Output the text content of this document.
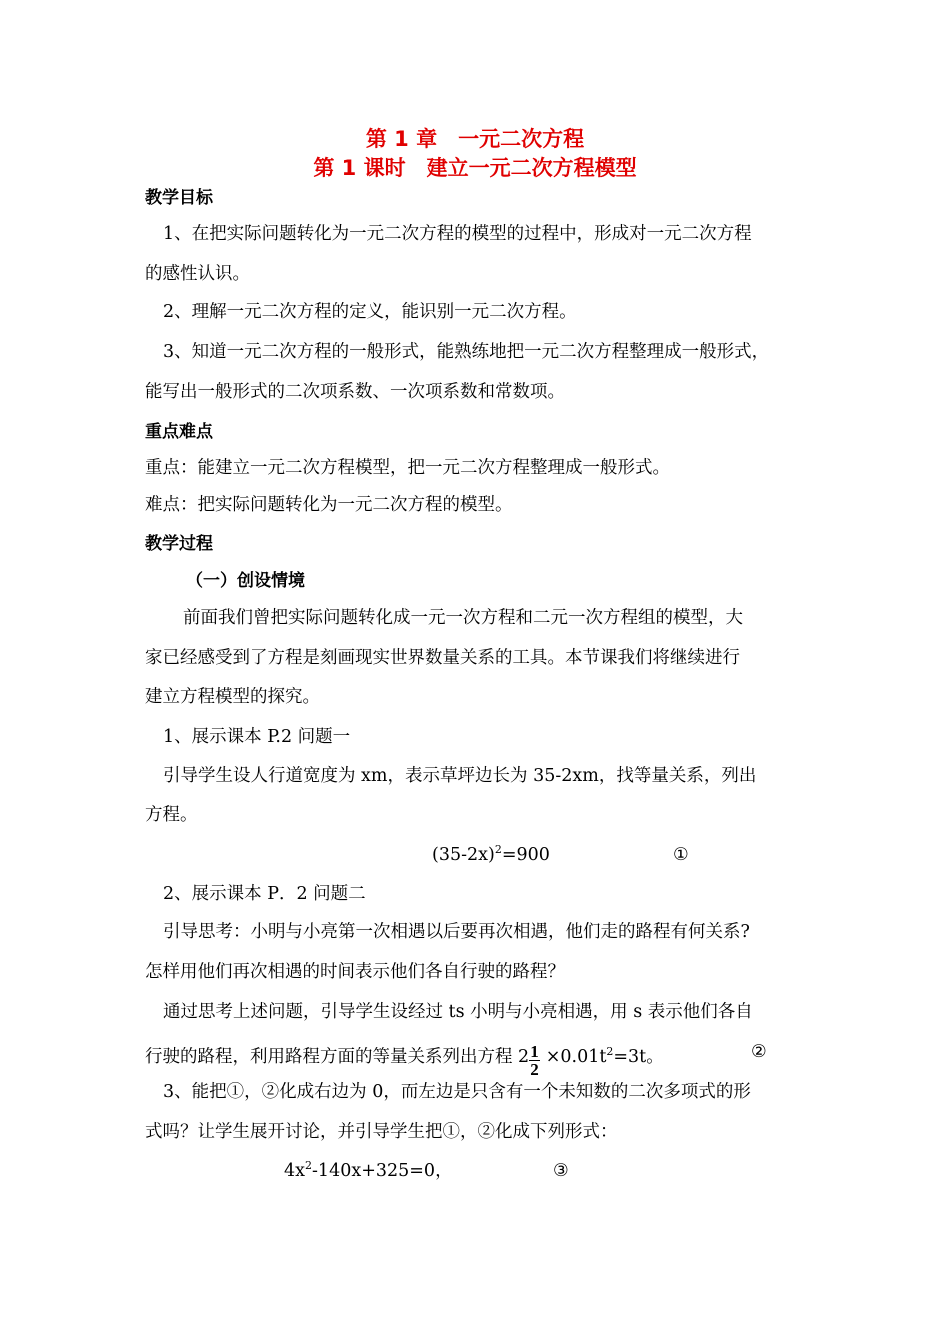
第 1 章　一元二次方程
第 1 课时　建立一元二次方程模型
教学目标
1、在把实际问题转化为一元二次方程的模型的过程中，形成对一元二次方程
的感性认识。
2、理解一元二次方程的定义，能识别一元二次方程。
3、知道一元二次方程的一般形式，能熟练地把一元二次方程整理成一般形式，
能写出一般形式的二次项系数、一次项系数和常数项。
重点难点
重点：能建立一元二次方程模型，把一元二次方程整理成一般形式。
难点：把实际问题转化为一元二次方程的模型。
教学过程
（一）创设情境
前面我们曾把实际问题转化成一元一次方程和二元一次方程组的模型，大
家已经感受到了方程是刻画现实世界数量关系的工具。本节课我们将继续进行
建立方程模型的探究。
1、展示课本 P.2 问题一
引导学生设人行道宽度为 xm，表示草坪边长为 35-2xm，找等量关系，列出
方程。
$(35-2x)^2=900$	①
2、展示课本 P．2 问题二
引导思考：小明与小亮第一次相遇以后要再次相遇，他们走的路程有何关系?
怎样用他们再次相遇的时间表示他们各自行驶的路程？
通过思考上述问题，引导学生设经过 ts 小明与小亮相遇，用 s 表示他们各自
行驶的路程，利用路程方面的等量关系列出方程 $2 \frac{1}{2} \times 0.01t^2=3t$。	②
3、能把①，②化成右边为 0，而左边是只含有一个未知数的二次多项式的形
式吗？让学生展开讨论，并引导学生把①，②化成下列形式：
$4x^2-140x+325=0$，	③
